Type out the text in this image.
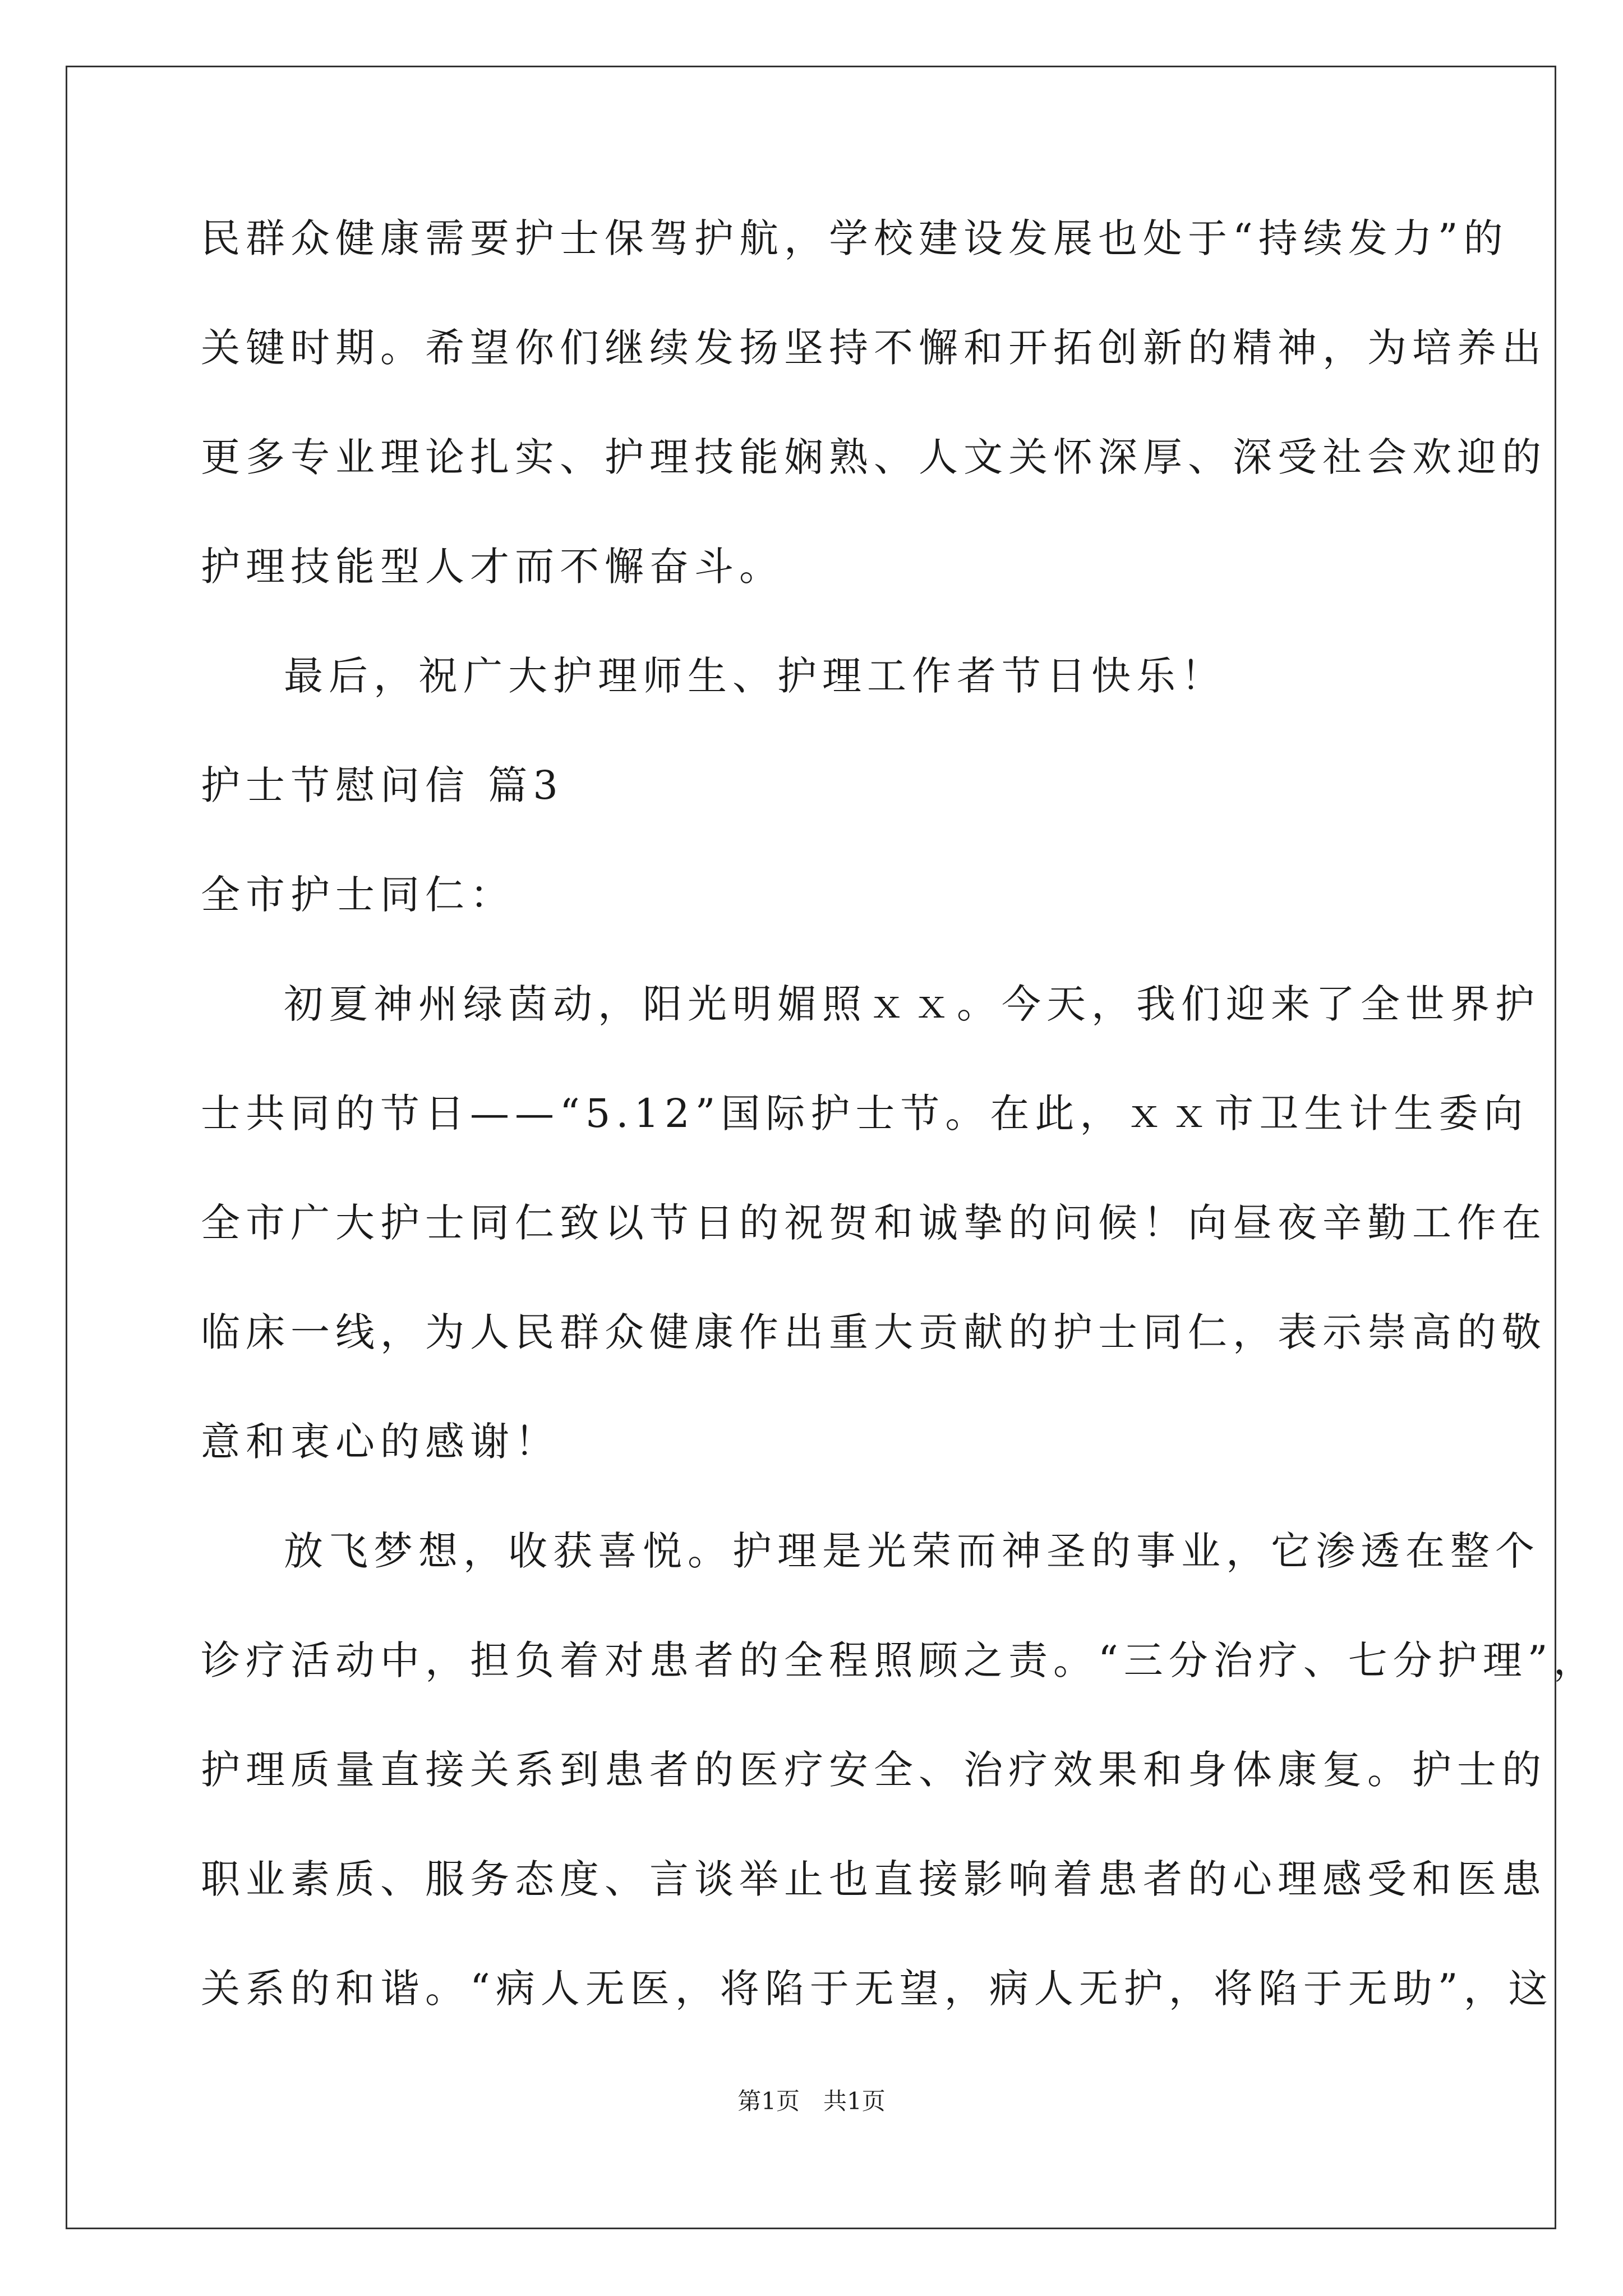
民群众健康需要护士保驾护航，学校建设发展也处于“持续发力”的
关键时期。希望你们继续发扬坚持不懈和开拓创新的精神，为培养出
更多专业理论扎实、护理技能娴熟、人文关怀深厚、深受社会欢迎的
护理技能型人才而不懈奋斗。
最后，祝广大护理师生、护理工作者节日快乐！
护士节慰问信 篇3
全市护士同仁：
初夏神州绿茵动，阳光明媚照ｘｘ。今天，我们迎来了全世界护
士共同的节日——“5.12”国际护士节。在此，ｘｘ市卫生计生委向
全市广大护士同仁致以节日的祝贺和诚挚的问候！向昼夜辛勤工作在
临床一线，为人民群众健康作出重大贡献的护士同仁，表示崇高的敬
意和衷心的感谢！
放飞梦想，收获喜悦。护理是光荣而神圣的事业，它渗透在整个
诊疗活动中，担负着对患者的全程照顾之责。“三分治疗、七分护理”，
护理质量直接关系到患者的医疗安全、治疗效果和身体康复。护士的
职业素质、服务态度、言谈举止也直接影响着患者的心理感受和医患
关系的和谐。“病人无医，将陷于无望，病人无护，将陷于无助”，这
第1页　共1页
